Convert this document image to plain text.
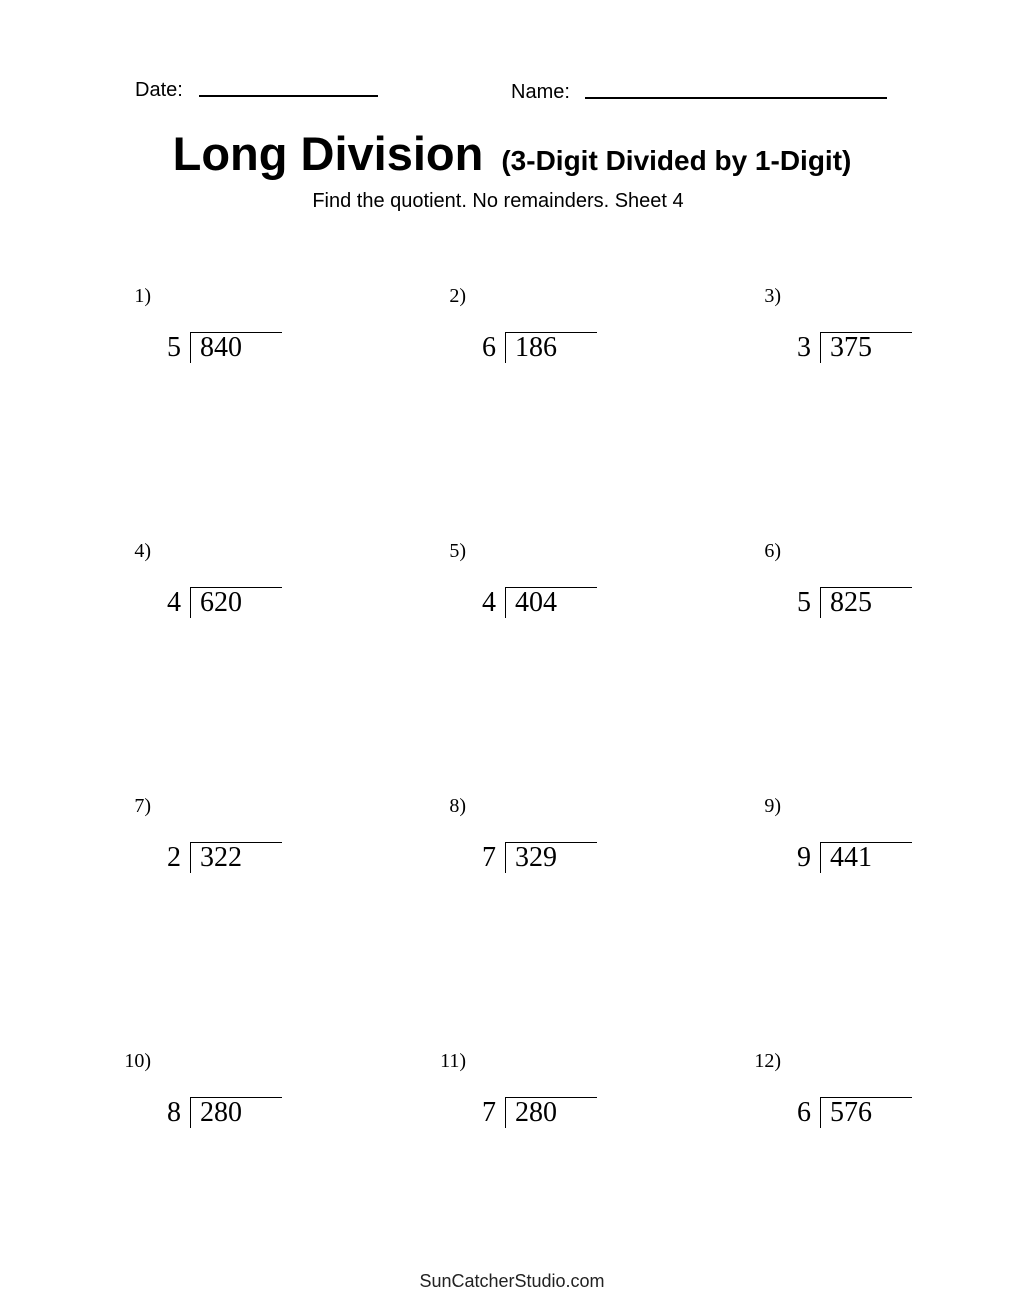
Date:	Name:
Long Division (3-Digit Divided by 1-Digit)
Find the quotient. No remainders. Sheet 4
1)
5 840
2)
6 186
3)
3 375
4)
4 620
5)
4 404
6)
5 825
7)
2 322
8)
7 329
9)
9 441
10)
8 280
11)
7 280
12)
6 576
SunCatcherStudio.com
